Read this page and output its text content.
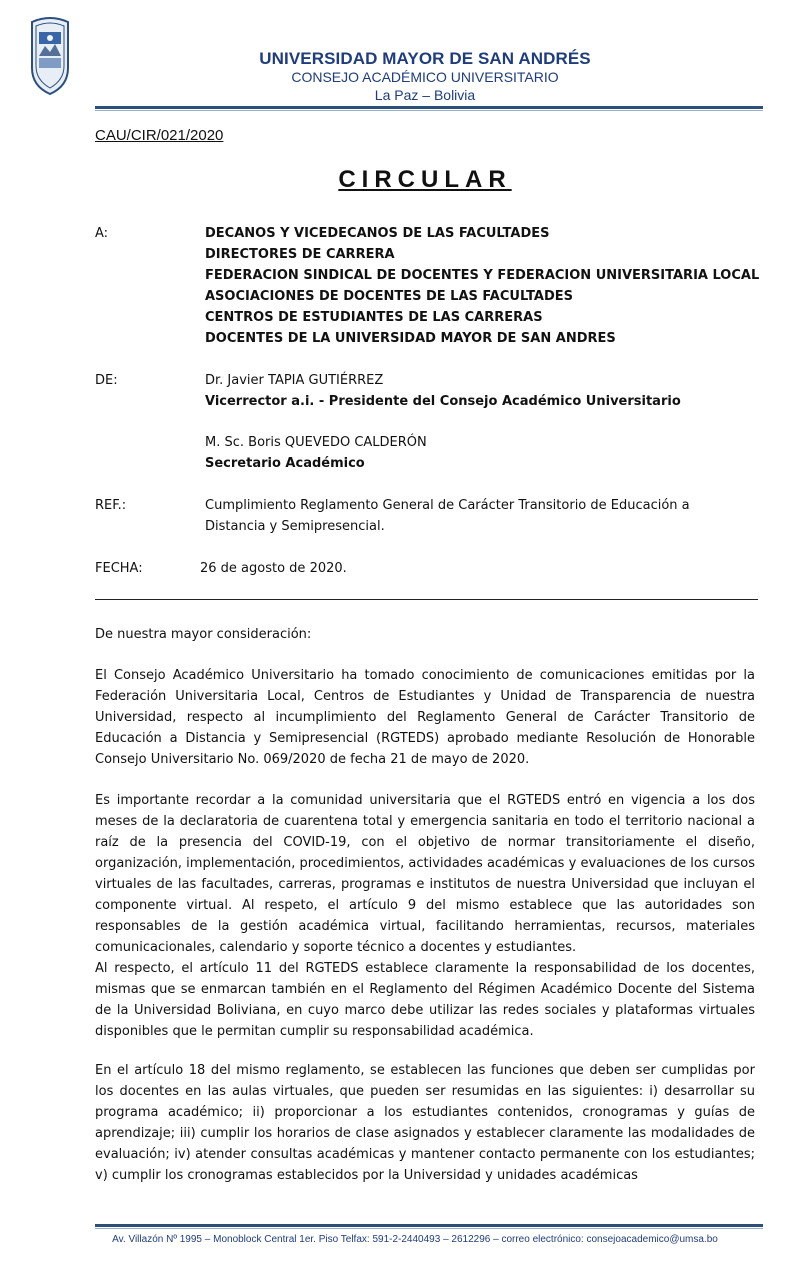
UNIVERSIDAD MAYOR DE SAN ANDRÉS
CONSEJO ACADÉMICO UNIVERSITARIO
La Paz – Bolivia
CAU/CIR/021/2020
CIRCULAR
A:	DECANOS Y VICEDECANOS DE LAS FACULTADES
DIRECTORES DE CARRERA
FEDERACION SINDICAL DE DOCENTES Y FEDERACION UNIVERSITARIA LOCAL
ASOCIACIONES DE DOCENTES DE LAS FACULTADES
CENTROS DE ESTUDIANTES DE LAS CARRERAS
DOCENTES DE LA UNIVERSIDAD MAYOR DE SAN ANDRES
DE:	Dr. Javier TAPIA GUTIÉRREZ
Vicerrector a.i. - Presidente del Consejo Académico Universitario
M. Sc. Boris QUEVEDO CALDERÓN
Secretario Académico
REF.:	Cumplimiento Reglamento General de Carácter Transitorio de Educación a
Distancia y Semipresencial.
FECHA:	26 de agosto de 2020.

De nuestra mayor consideración:

El Consejo Académico Universitario ha tomado conocimiento de comunicaciones emitidas por la Federación Universitaria Local, Centros de Estudiantes y Unidad de Transparencia de nuestra Universidad, respecto al incumplimiento del Reglamento General de Carácter Transitorio de Educación a Distancia y Semipresencial (RGTEDS) aprobado mediante Resolución de Honorable Consejo Universitario No. 069/2020 de fecha 21 de mayo de 2020.

Es importante recordar a la comunidad universitaria que el RGTEDS entró en vigencia a los dos meses de la declaratoria de cuarentena total y emergencia sanitaria en todo el territorio nacional a raíz de la presencia del COVID-19, con el objetivo de normar transitoriamente el diseño, organización, implementación, procedimientos, actividades académicas y evaluaciones de los cursos virtuales de las facultades, carreras, programas e institutos de nuestra Universidad que incluyan el componente virtual. Al respeto, el artículo 9 del mismo establece que las autoridades son responsables de la gestión académica virtual, facilitando herramientas, recursos, materiales comunicacionales, calendario y soporte técnico a docentes y estudiantes.

Al respecto, el artículo 11 del RGTEDS establece claramente la responsabilidad de los docentes, mismas que se enmarcan también en el Reglamento del Régimen Académico Docente del Sistema de la Universidad Boliviana, en cuyo marco debe utilizar las redes sociales y plataformas virtuales disponibles que le permitan cumplir su responsabilidad académica.

En el artículo 18 del mismo reglamento, se establecen las funciones que deben ser cumplidas por los docentes en las aulas virtuales, que pueden ser resumidas en las siguientes: i) desarrollar su programa académico; ii) proporcionar a los estudiantes contenidos, cronogramas y guías de aprendizaje; iii) cumplir los horarios de clase asignados y establecer claramente las modalidades de evaluación; iv) atender consultas académicas y mantener contacto permanente con los estudiantes; v) cumplir los cronogramas establecidos por la Universidad y unidades académicas

Av. Villazón Nº 1995 – Monoblock Central 1er. Piso Telfax: 591-2-2440493 – 2612296 – correo electrónico: consejoacademico@umsa.bo
